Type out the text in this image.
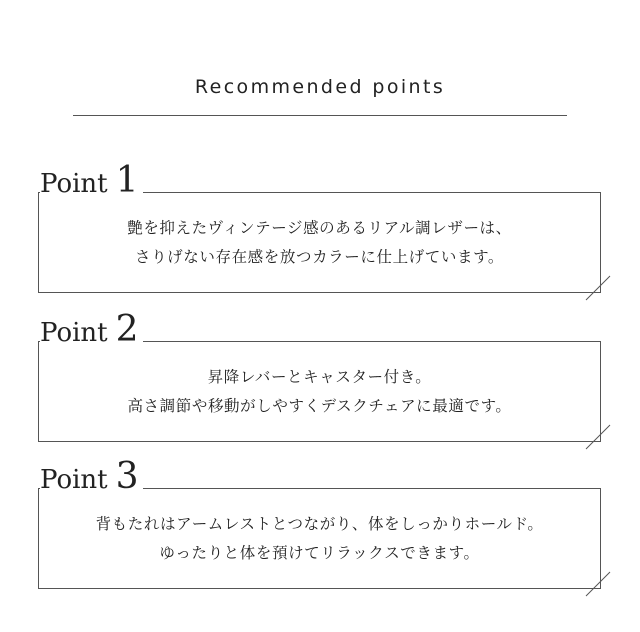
Recommended points
Point 1
艶を抑えたヴィンテージ感のあるリアル調レザーは、
さりげない存在感を放つカラーに仕上げています。
Point 2
昇降レバーとキャスター付き。
高さ調節や移動がしやすくデスクチェアに最適です。
Point 3
背もたれはアームレストとつながり、体をしっかりホールド。
ゆったりと体を預けてリラックスできます。
